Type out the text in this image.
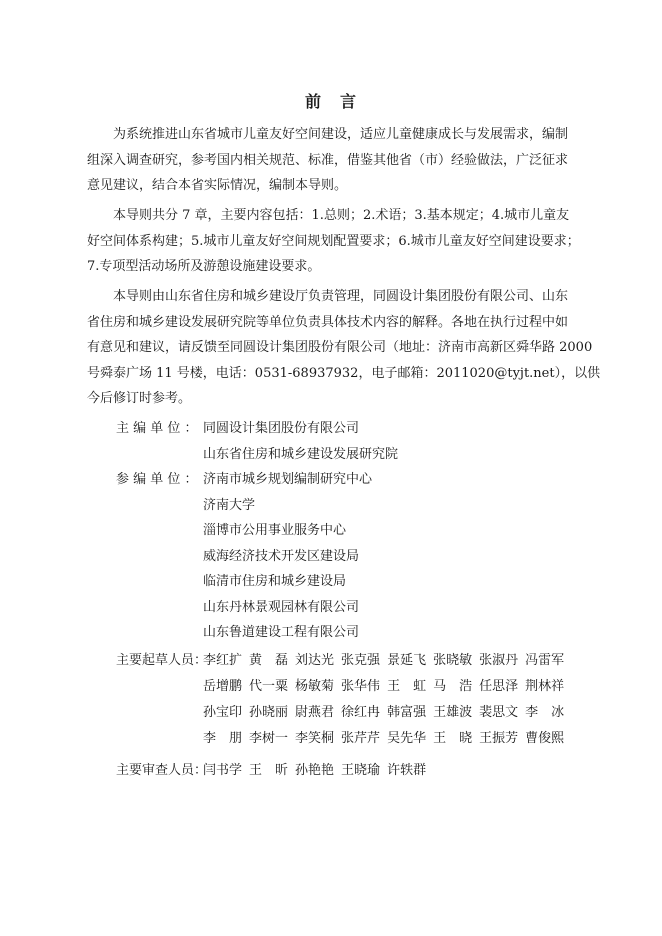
前 言
为系统推进山东省城市儿童友好空间建设，适应儿童健康成长与发展需求，编制
组深入调查研究，参考国内相关规范、标准，借鉴其他省（市）经验做法，广泛征求
意见建议，结合本省实际情况，编制本导则。
本导则共分 7 章，主要内容包括：1.总则；2.术语；3.基本规定；4.城市儿童友
好空间体系构建；5.城市儿童友好空间规划配置要求；6.城市儿童友好空间建设要求；
7.专项型活动场所及游憩设施建设要求。
本导则由山东省住房和城乡建设厅负责管理，同圆设计集团股份有限公司、山东
省住房和城乡建设发展研究院等单位负责具体技术内容的解释。各地在执行过程中如
有意见和建议，请反馈至同圆设计集团股份有限公司（地址：济南市高新区舜华路 2000
号舜泰广场 11 号楼，电话：0531-68937932，电子邮箱：2011020@tyjt.net），以供
今后修订时参考。
主 编 单 位 ： 同圆设计集团股份有限公司
山东省住房和城乡建设发展研究院
参 编 单 位 ： 济南市城乡规划编制研究中心
济南大学
淄博市公用事业服务中心
威海经济技术开发区建设局
临清市住房和城乡建设局
山东丹林景观园林有限公司
山东鲁道建设工程有限公司
主要起草人员：
李红扩 黄　磊 刘达光 张克强 景延飞 张晓敏 张淑丹 冯雷军
岳增鹏 代一粟 杨敏菊 张华伟 王　虹 马　浩 任思泽 荆林祥
孙宝印 孙晓丽 尉燕君 徐红冉 韩富强 王雄波 裴思文 李　冰
李　朋 李树一 李笑桐 张芹芹 吴先华 王　晓 王振芳 曹俊熙
主要审查人员：
闫书学 王　昕 孙艳艳 王晓瑜 许轶群
